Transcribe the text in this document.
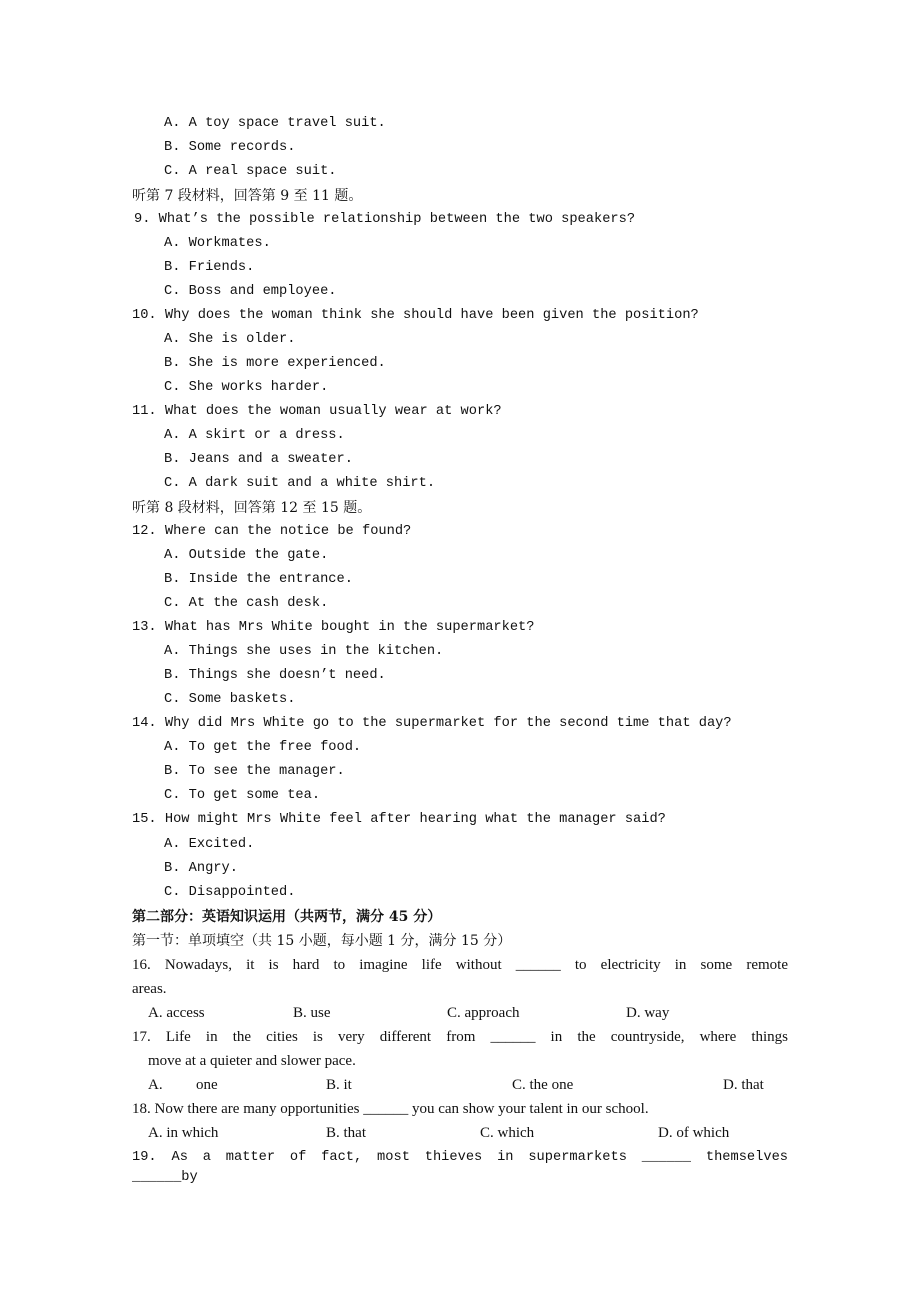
A. A toy space travel suit.
B. Some records.
C. A real space suit.
听第 7 段材料，回答第 9 至 11 题。
9. What’s the possible relationship between the two speakers?
A. Workmates.
B. Friends.
C. Boss and employee.
10. Why does the woman think she should have been given the position?
A. She is older.
B. She is more experienced.
C. She works harder.
11. What does the woman usually wear at work?
A. A skirt or a dress.
B. Jeans and a sweater.
C. A dark suit and a white shirt.
听第 8 段材料，回答第 12 至 15 题。
12. Where can the notice be found?
A. Outside the gate.
B. Inside the entrance.
C. At the cash desk.
13. What has Mrs White bought in the supermarket?
A. Things she uses in the kitchen.
B. Things she doesn’t need.
C. Some baskets.
14. Why did Mrs White go to the supermarket for the second time that day?
A. To get the free food.
B. To see the manager.
C. To get some tea.
15. How might Mrs White feel after hearing what the manager said?
A. Excited.
B. Angry.
C. Disappointed.
第二部分：英语知识运用（共两节，满分 45 分）
第一节：单项填空（共 15 小题，每小题 1 分，满分 15 分）
16. Nowadays, it is hard to imagine life without ______ to electricity in some remote
areas.
A. access	B. use	C. approach	D. way
17. Life in the cities is very different from ______ in the countryside, where things
move at a quieter and slower pace.
A. one	B. it	C. the one	D. that
18. Now there are many opportunities ______ you can show your talent in our school.
A. in which	B. that	C. which	D. of which
19. As a matter of fact, most thieves in supermarkets ______ themselves ______by
